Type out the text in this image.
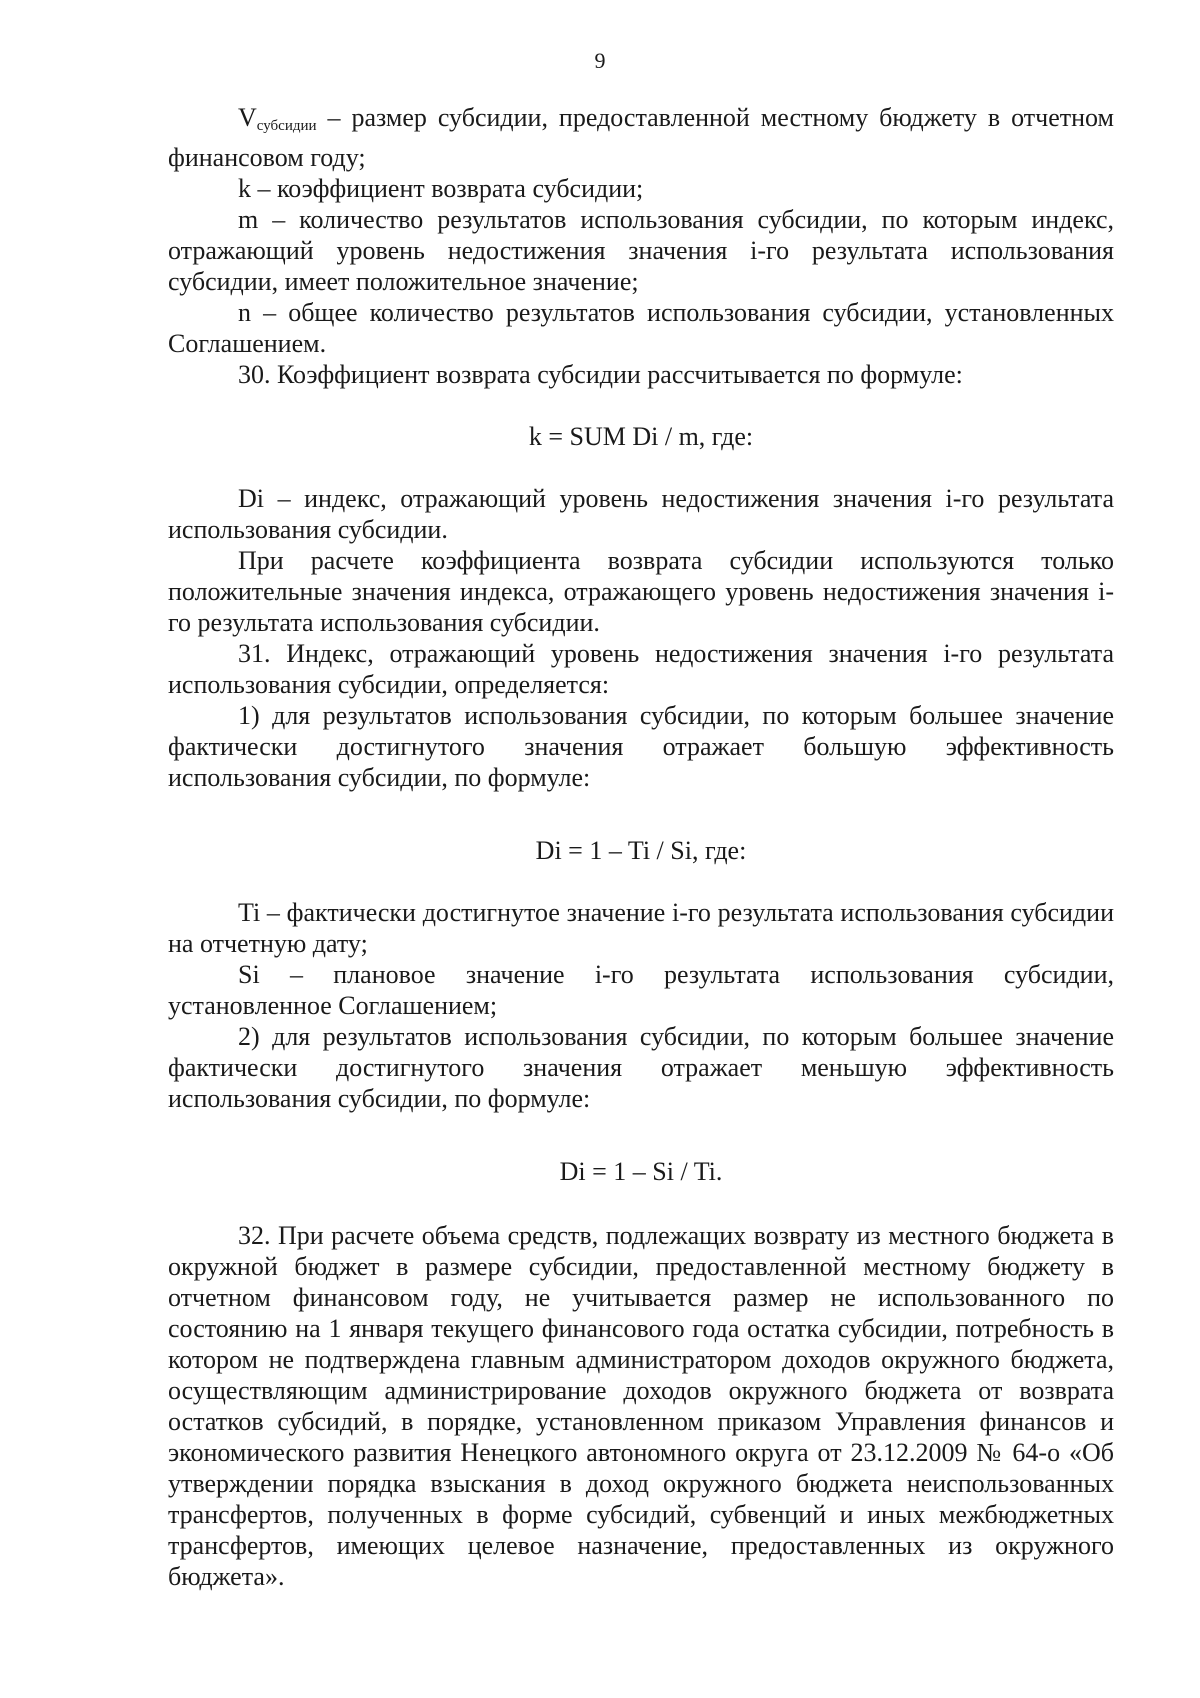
9

$V_{субсидии}$ – размер субсидии, предоставленной местному бюджету в отчетном финансовом году;

k – коэффициент возврата субсидии;

m – количество результатов использования субсидии, по которым индекс, отражающий уровень недостижения значения i-го результата использования субсидии, имеет положительное значение;

n – общее количество результатов использования субсидии, установленных Соглашением.

30. Коэффициент возврата субсидии рассчитывается по формуле:

k = SUM Di / m, где:

Di – индекс, отражающий уровень недостижения значения i-го результата использования субсидии.

При расчете коэффициента возврата субсидии используются только положительные значения индекса, отражающего уровень недостижения значения i-го результата использования субсидии.

31. Индекс, отражающий уровень недостижения значения i-го результата использования субсидии, определяется:

1) для результатов использования субсидии, по которым большее значение фактически достигнутого значения отражает большую эффективность использования субсидии, по формуле:

Di = 1 – Ti / Si, где:

Ti – фактически достигнутое значение i-го результата использования субсидии на отчетную дату;

Si – плановое значение i-го результата использования субсидии, установленное Соглашением;

2) для результатов использования субсидии, по которым большее значение фактически достигнутого значения отражает меньшую эффективность использования субсидии, по формуле:

Di = 1 – Si / Ti.

32. При расчете объема средств, подлежащих возврату из местного бюджета в окружной бюджет в размере субсидии, предоставленной местному бюджету в отчетном финансовом году, не учитывается размер не использованного по состоянию на 1 января текущего финансового года остатка субсидии, потребность в котором не подтверждена главным администратором доходов окружного бюджета, осуществляющим администрирование доходов окружного бюджета от возврата остатков субсидий, в порядке, установленном приказом Управления финансов и экономического развития Ненецкого автономного округа от 23.12.2009 № 64-о «Об утверждении порядка взыскания в доход окружного бюджета неиспользованных трансфертов, полученных в форме субсидий, субвенций и иных межбюджетных трансфертов, имеющих целевое назначение, предоставленных из окружного бюджета».
